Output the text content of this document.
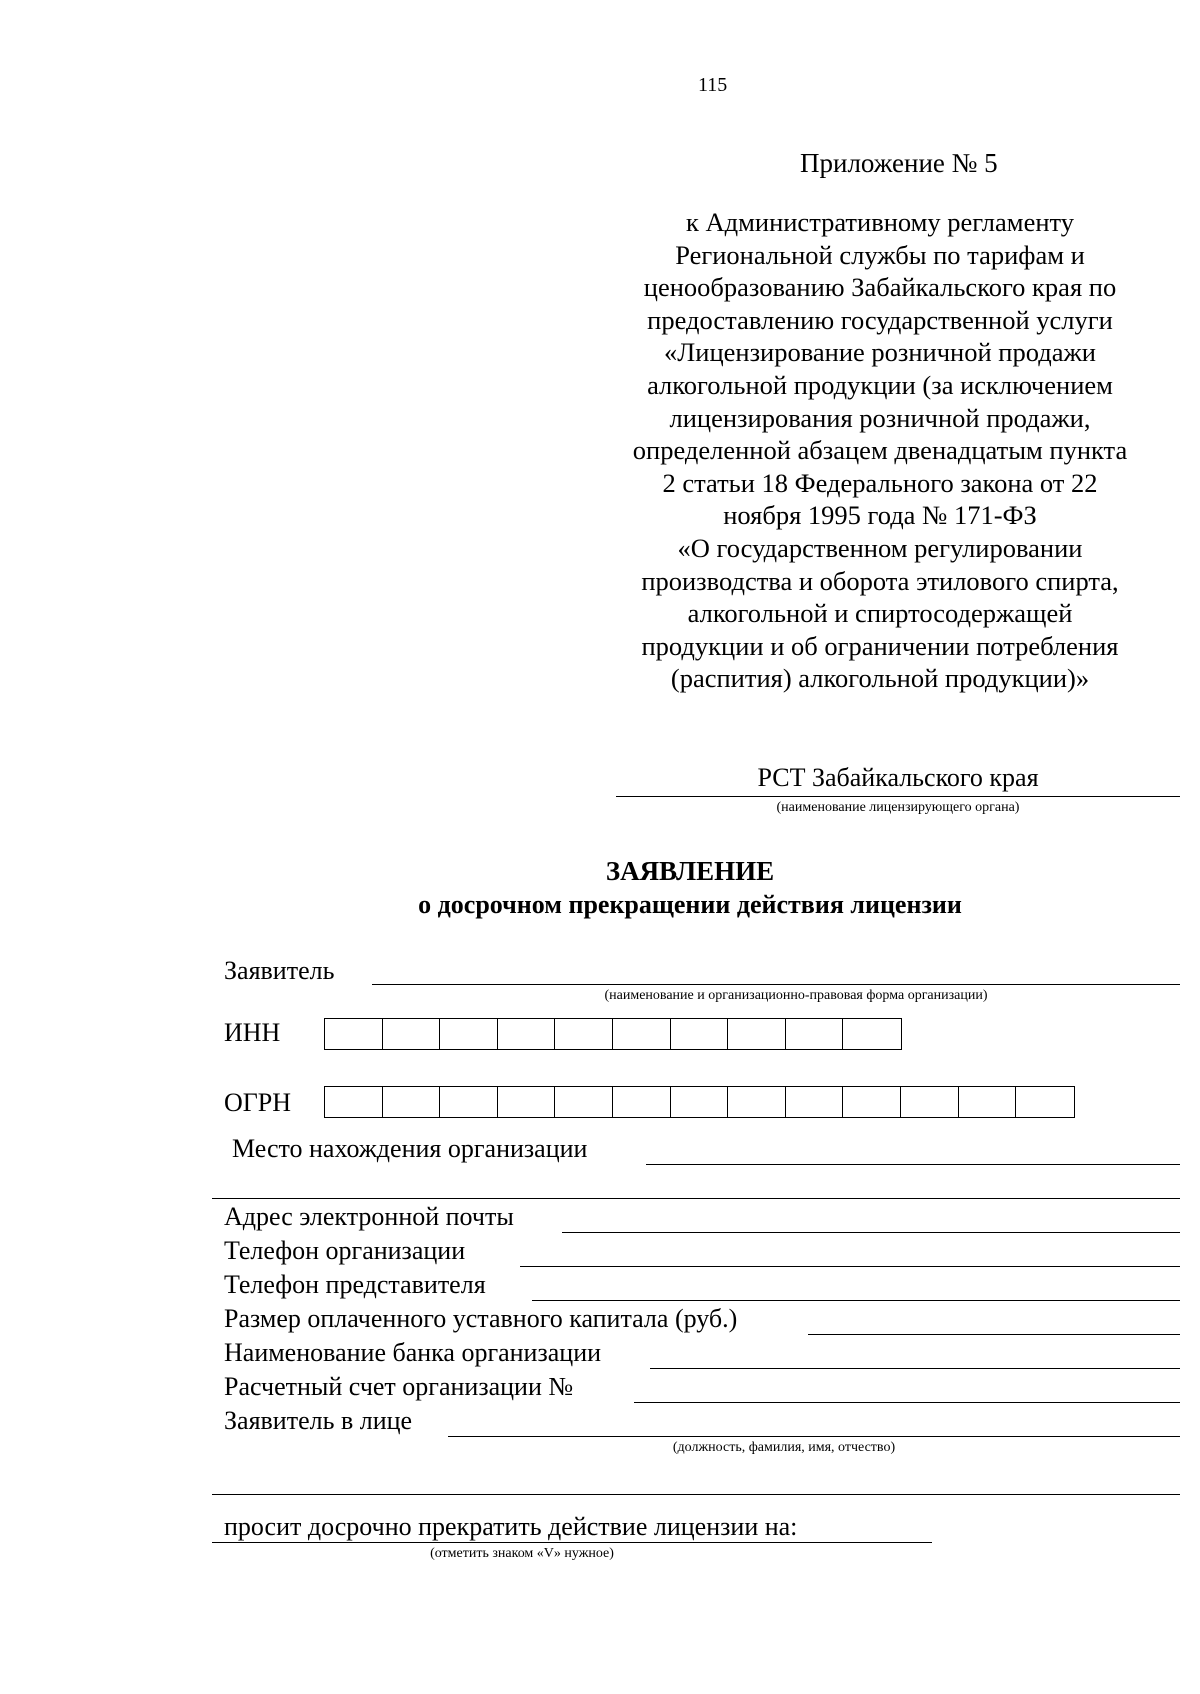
115
Приложение № 5
к Административному регламенту
Региональной службы по тарифам и
ценообразованию Забайкальского края по
предоставлению государственной услуги
«Лицензирование розничной продажи
алкогольной продукции (за исключением
лицензирования розничной продажи,
определенной абзацем двенадцатым пункта
2 статьи 18 Федерального закона от 22
ноября 1995 года № 171-ФЗ
«О государственном регулировании
производства и оборота этилового спирта,
алкогольной и спиртосодержащей
продукции и об ограничении потребления
(распития) алкогольной продукции)»
РСТ Забайкальского края
(наименование лицензирующего органа)
ЗАЯВЛЕНИЕ
о досрочном прекращении действия лицензии
Заявитель
(наименование и организационно-правовая форма организации)
ИНН
ОГРН
Место нахождения организации
Адрес электронной почты
Телефон организации
Телефон представителя
Размер оплаченного уставного капитала (руб.)
Наименование банка организации
Расчетный счет организации №
Заявитель в лице
(должность, фамилия, имя, отчество)
просит досрочно прекратить действие лицензии на:
(отметить знаком «V» нужное)
